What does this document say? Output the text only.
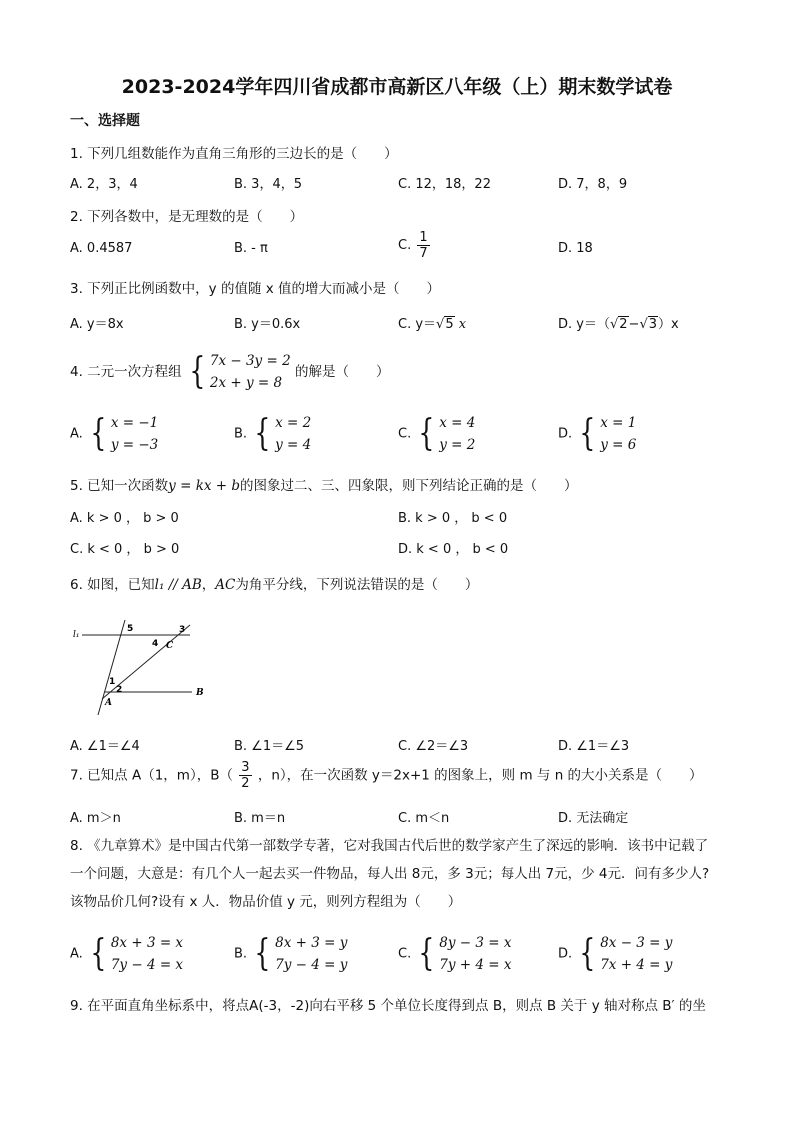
2023-2024学年四川省成都市高新区八年级（上）期末数学试卷
一、选择题
1. 下列几组数能作为直角三角形的三边长的是（　　）
A. 2，3，4	B. 3，4，5	C. 12，18，22	D. 7，8，9
2. 下列各数中，是无理数的是（　　）
A. 0.4587	B. - π	C. $\frac{1}{7}$	D. 18
3. 下列正比例函数中，y 的值随 x 值的增大而减小是（　　）
A. y＝8x	B. y＝0.6x	C. y＝√5 x	D. y＝（√2−√3）x
4. 二元一次方程组 { 7x − 3y = 2
2x + y = 8
的解是（　　）
A. { x = −1
y = −3
B. { x = 2
y = 4
C. { x = 4
y = 2
D. { x = 1
y = 6
5. 已知一次函数y = kx + b的图象过二、三、四象限，则下列结论正确的是（　　）
A. k > 0 ， b > 0	B. k > 0 ， b < 0
C. k < 0 ， b > 0	D. k < 0 ， b < 0
6. 如图，已知l₁ // AB，AC为角平分线，下列说法错误的是（　　）
l₁
5
4 C
3
1
2
A
B
A. ∠1＝∠4	B. ∠1＝∠5	C. ∠2＝∠3	D. ∠1＝∠3
7. 已知点 A（1，m），$B( \frac{3}{2}$ ，n），在一次函数 y＝2x+1 的图象上，则 m 与 n 的大小关系是（　　）
A. m＞n	B. m＝n	C. m＜n	D. 无法确定
8. 《九章算术》是中国古代第一部数学专著，它对我国古代后世的数学家产生了深远的影响．该书中记载了一个问题，大意是：有几个人一起去买一件物品，每人出 8元，多 3元；每人出 7元，少 4元．问有多少人?该物品价几何?设有 x 人．物品价值 y 元，则列方程组为（　　）
A. { 8x + 3 = x
7y − 4 = x
B. { 8x + 3 = y
7y − 4 = y
C. { 8y − 3 = x
7y + 4 = x
D. { 8x − 3 = y
7x + 4 = y
9. 在平面直角坐标系中，将点A(-3，-2)向右平移 5 个单位长度得到点 B，则点 B 关于 y 轴对称点 B′ 的坐
